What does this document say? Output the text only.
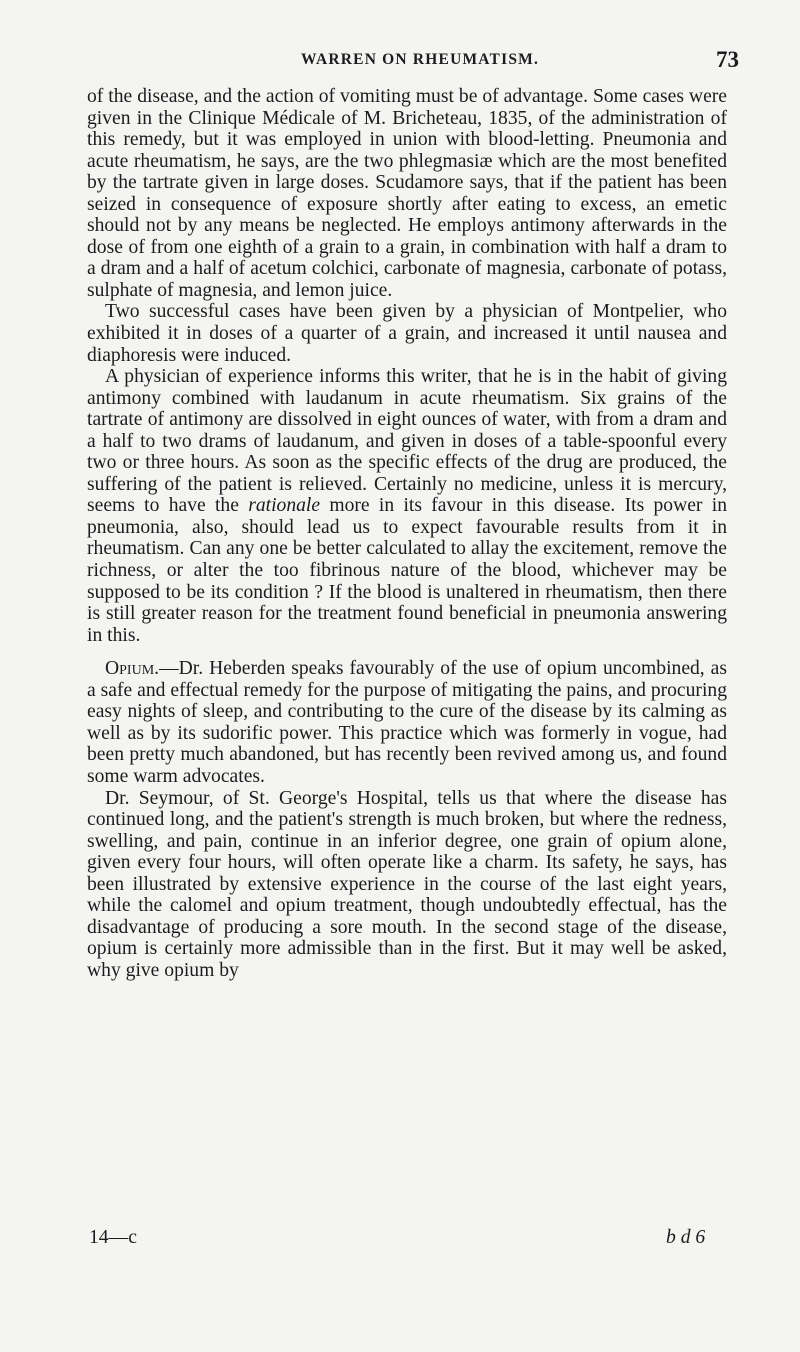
WARREN ON RHEUMATISM.	73

of the disease, and the action of vomiting must be of advantage. Some cases were given in the Clinique Médicale of M. Bricheteau, 1835, of the administration of this remedy, but it was employed in union with blood-letting. Pneumonia and acute rheumatism, he says, are the two phlegmasiæ which are the most benefited by the tartrate given in large doses. Scudamore says, that if the patient has been seized in consequence of exposure shortly after eating to excess, an emetic should not by any means be neglected. He employs antimony afterwards in the dose of from one eighth of a grain to a grain, in combination with half a dram to a dram and a half of acetum colchici, carbonate of magnesia, carbonate of potass, sulphate of magnesia, and lemon juice.

Two successful cases have been given by a physician of Montpelier, who exhibited it in doses of a quarter of a grain, and increased it until nausea and diaphoresis were induced.

A physician of experience informs this writer, that he is in the habit of giving antimony combined with laudanum in acute rheumatism. Six grains of the tartrate of antimony are dissolved in eight ounces of water, with from a dram and a half to two drams of laudanum, and given in doses of a table-spoonful every two or three hours. As soon as the specific effects of the drug are produced, the suffering of the patient is relieved. Certainly no medicine, unless it is mercury, seems to have the rationale more in its favour in this disease. Its power in pneumonia, also, should lead us to expect favourable results from it in rheumatism. Can any one be better calculated to allay the excitement, remove the richness, or alter the too fibrinous nature of the blood, whichever may be supposed to be its condition ? If the blood is unaltered in rheumatism, then there is still greater reason for the treatment found beneficial in pneumonia answering in this.

Opium.—Dr. Heberden speaks favourably of the use of opium uncombined, as a safe and effectual remedy for the purpose of mitigating the pains, and procuring easy nights of sleep, and contributing to the cure of the disease by its calming as well as by its sudorific power. This practice which was formerly in vogue, had been pretty much abandoned, but has recently been revived among us, and found some warm advocates.

Dr. Seymour, of St. George's Hospital, tells us that where the disease has continued long, and the patient's strength is much broken, but where the redness, swelling, and pain, continue in an inferior degree, one grain of opium alone, given every four hours, will often operate like a charm. Its safety, he says, has been illustrated by extensive experience in the course of the last eight years, while the calomel and opium treatment, though undoubtedly effectual, has the disadvantage of producing a sore mouth. In the second stage of the disease, opium is certainly more admissible than in the first. But it may well be asked, why give opium by

14—c	b d 6
